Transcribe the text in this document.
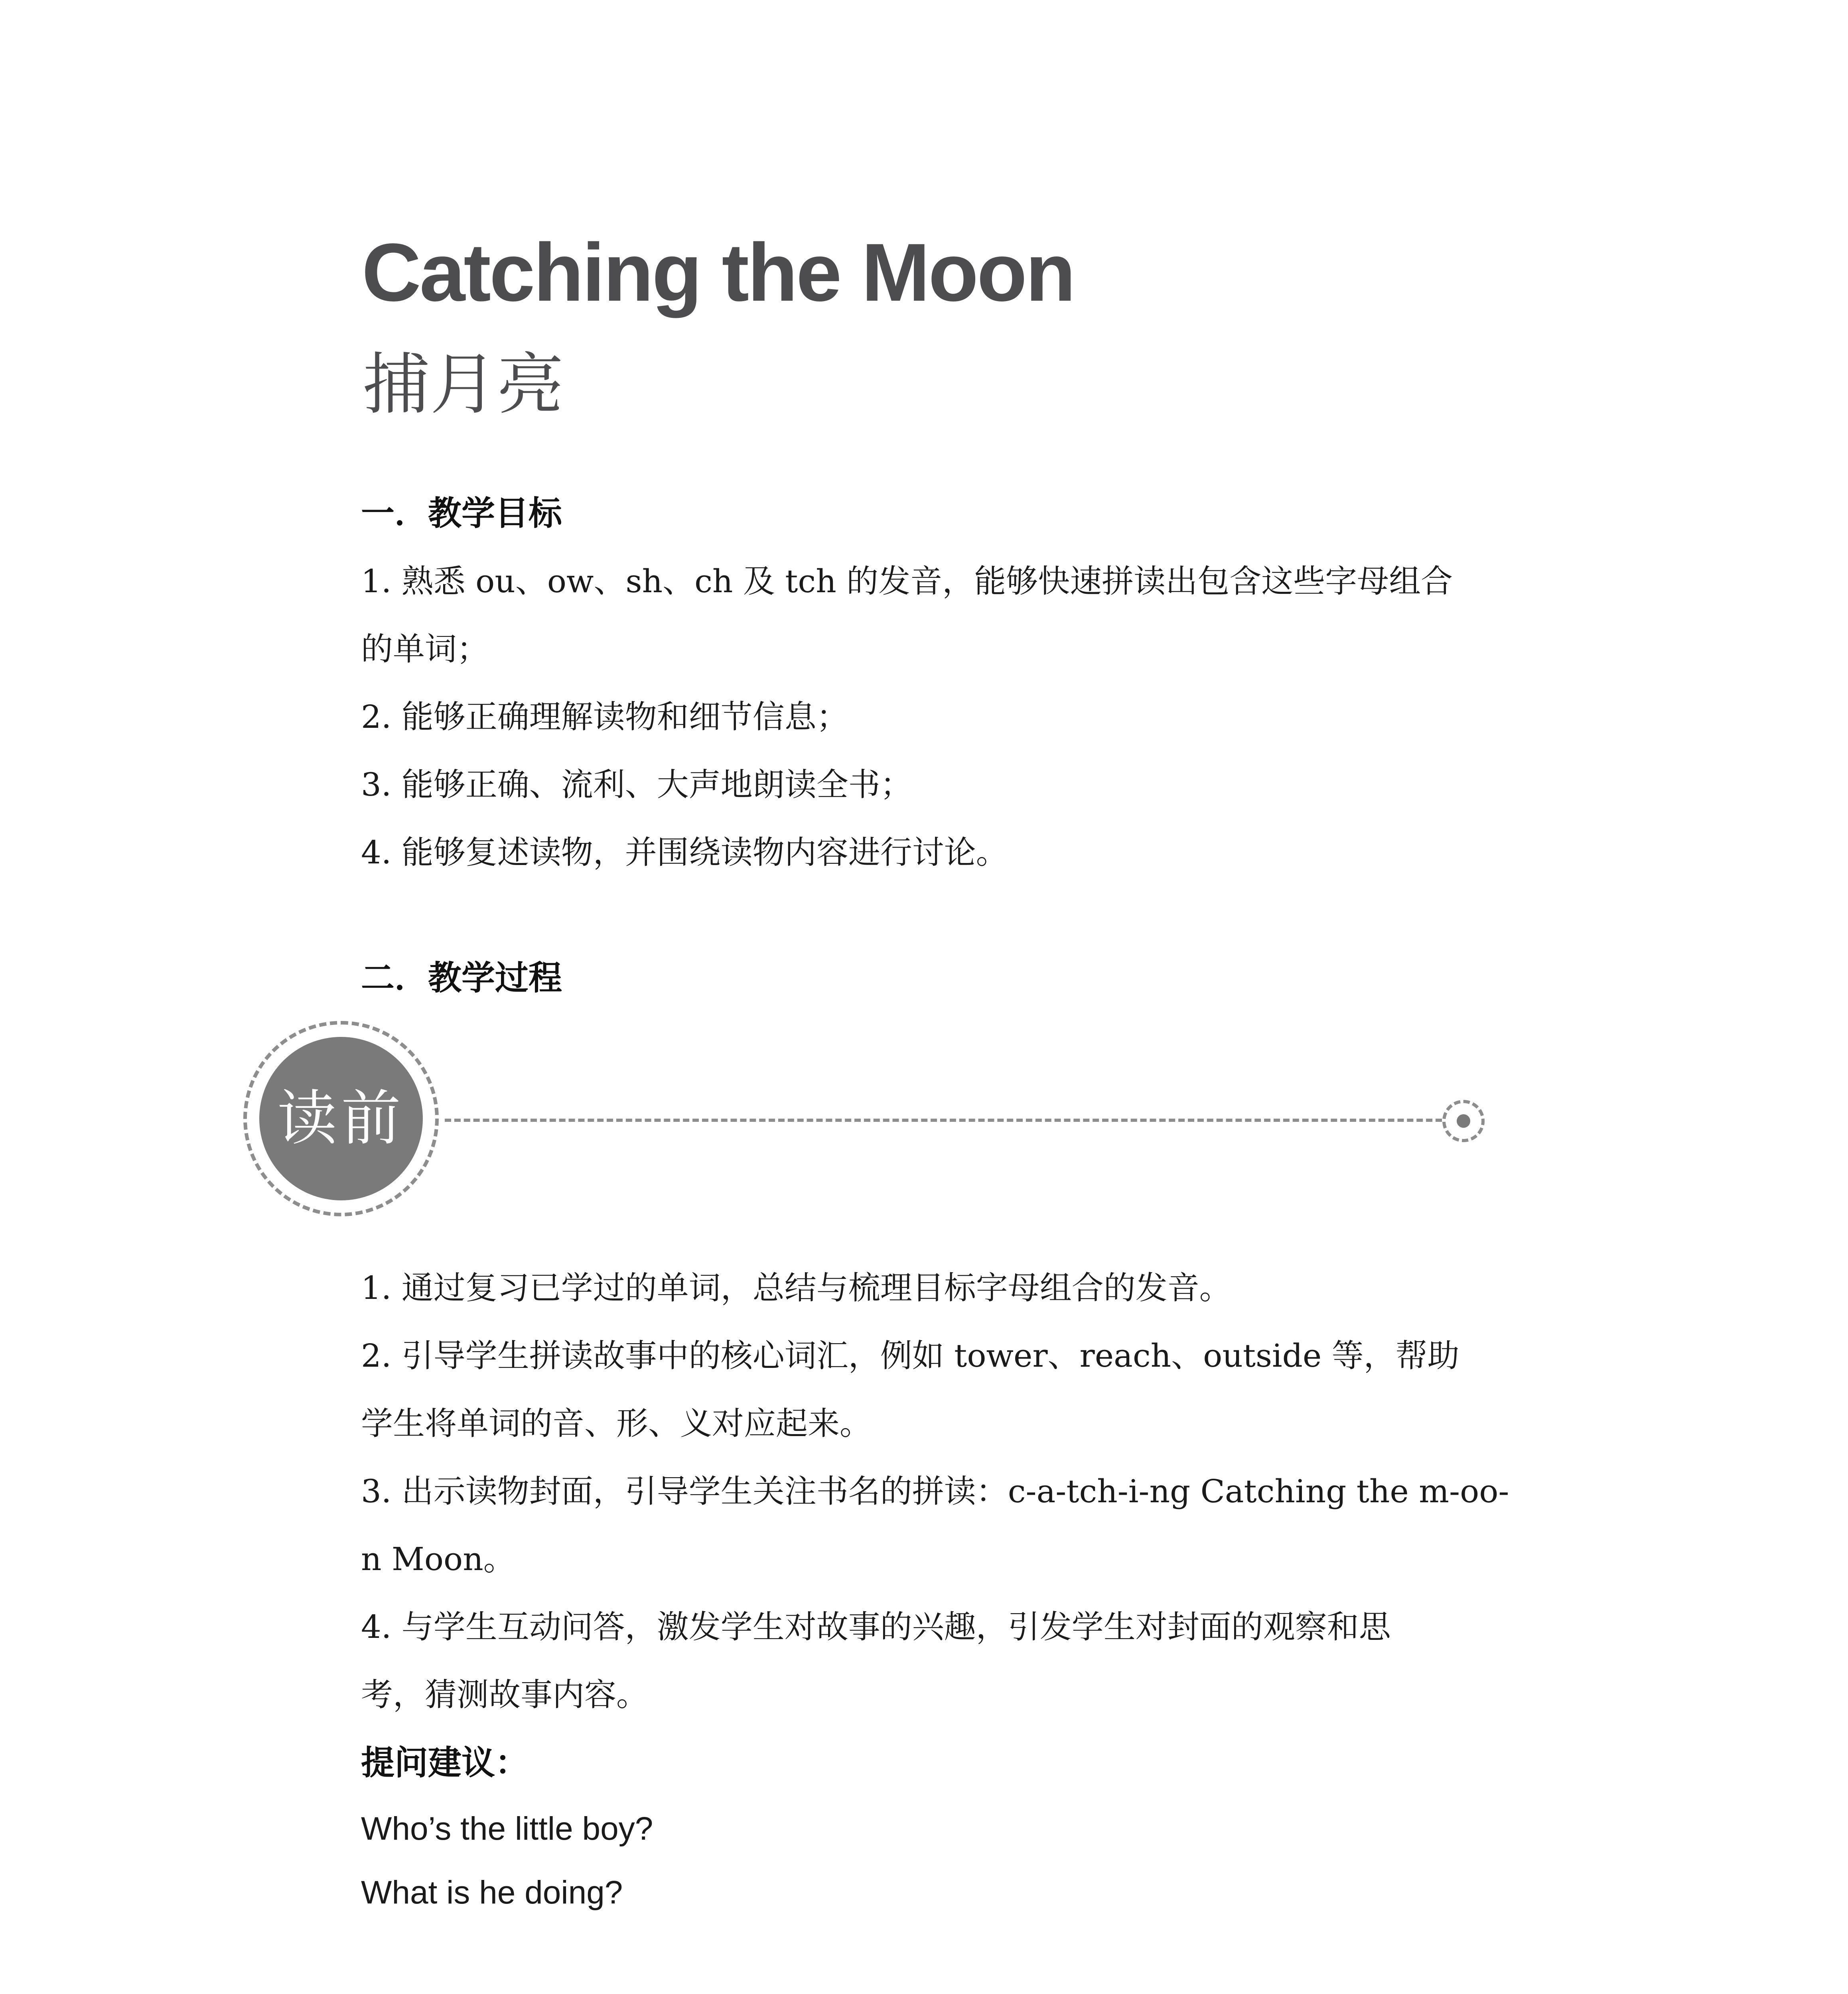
Catching the Moon
捕月亮
一．教学目标
1. 熟悉 ou、ow、sh、ch 及 tch 的发音，能够快速拼读出包含这些字母组合
的单词；
2. 能够正确理解读物和细节信息；
3. 能够正确、流利、大声地朗读全书；
4. 能够复述读物，并围绕读物内容进行讨论。
二．教学过程
读前
1. 通过复习已学过的单词，总结与梳理目标字母组合的发音。
2. 引导学生拼读故事中的核心词汇，例如 tower、reach、outside 等，帮助
学生将单词的音、形、义对应起来。
3. 出示读物封面，引导学生关注书名的拼读：c-a-tch-i-ng Catching the m-oo-
n Moon。
4. 与学生互动问答，激发学生对故事的兴趣，引发学生对封面的观察和思
考，猜测故事内容。
提问建议：
Who’s the little boy?
What is he doing?
